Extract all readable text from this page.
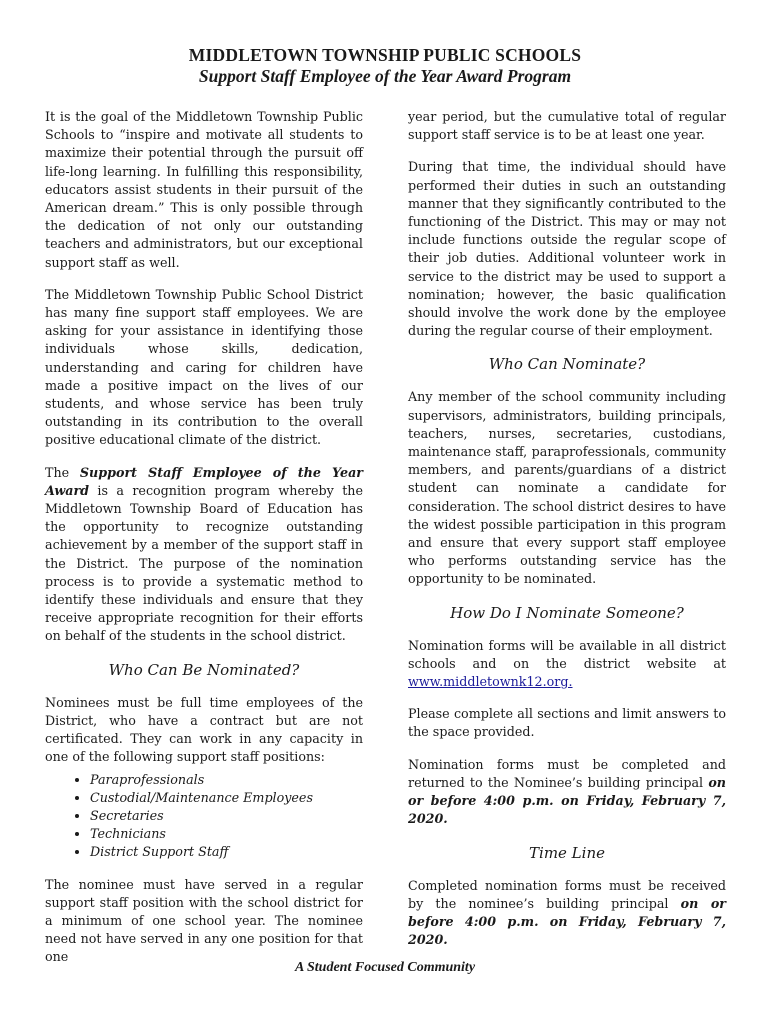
MIDDLETOWN TOWNSHIP PUBLIC SCHOOLS
Support Staff Employee of the Year Award Program

It is the goal of the Middletown Township Public Schools to “inspire and motivate all students to maximize their potential through the pursuit off life-long learning. In fulfilling this responsibility, educators assist students in their pursuit of the American dream.” This is only possible through the dedication of not only our outstanding teachers and administrators, but our exceptional support staff as well.

The Middletown Township Public School District has many fine support staff employees. We are asking for your assistance in identifying those individuals whose skills, dedication, understanding and caring for children have made a positive impact on the lives of our students, and whose service has been truly outstanding in its contribution to the overall positive educational climate of the district.

The Support Staff Employee of the Year Award is a recognition program whereby the Middletown Township Board of Education has the opportunity to recognize outstanding achievement by a member of the support staff in the District. The purpose of the nomination process is to provide a systematic method to identify these individuals and ensure that they receive appropriate recognition for their efforts on behalf of the students in the school district.

Who Can Be Nominated?

Nominees must be full time employees of the District, who have a contract but are not certificated. They can work in any capacity in one of the following support staff positions:

• Paraprofessionals
• Custodial/Maintenance Employees
• Secretaries
• Technicians
• District Support Staff

The nominee must have served in a regular support staff position with the school district for a minimum of one school year. The nominee need not have served in any one position for that one

year period, but the cumulative total of regular support staff service is to be at least one year.

During that time, the individual should have performed their duties in such an outstanding manner that they significantly contributed to the functioning of the District. This may or may not include functions outside the regular scope of their job duties. Additional volunteer work in service to the district may be used to support a nomination; however, the basic qualification should involve the work done by the employee during the regular course of their employment.

Who Can Nominate?

Any member of the school community including supervisors, administrators, building principals, teachers, nurses, secretaries, custodians, maintenance staff, paraprofessionals, community members, and parents/guardians of a district student can nominate a candidate for consideration. The school district desires to have the widest possible participation in this program and ensure that every support staff employee who performs outstanding service has the opportunity to be nominated.

How Do I Nominate Someone?

Nomination forms will be available in all district schools and on the district website at www.middletownk12.org.

Please complete all sections and limit answers to the space provided.

Nomination forms must be completed and returned to the Nominee’s building principal on or before 4:00 p.m. on Friday, February 7, 2020.

Time Line

Completed nomination forms must be received by the nominee’s building principal on or before 4:00 p.m. on Friday, February 7, 2020.

A Student Focused Community
